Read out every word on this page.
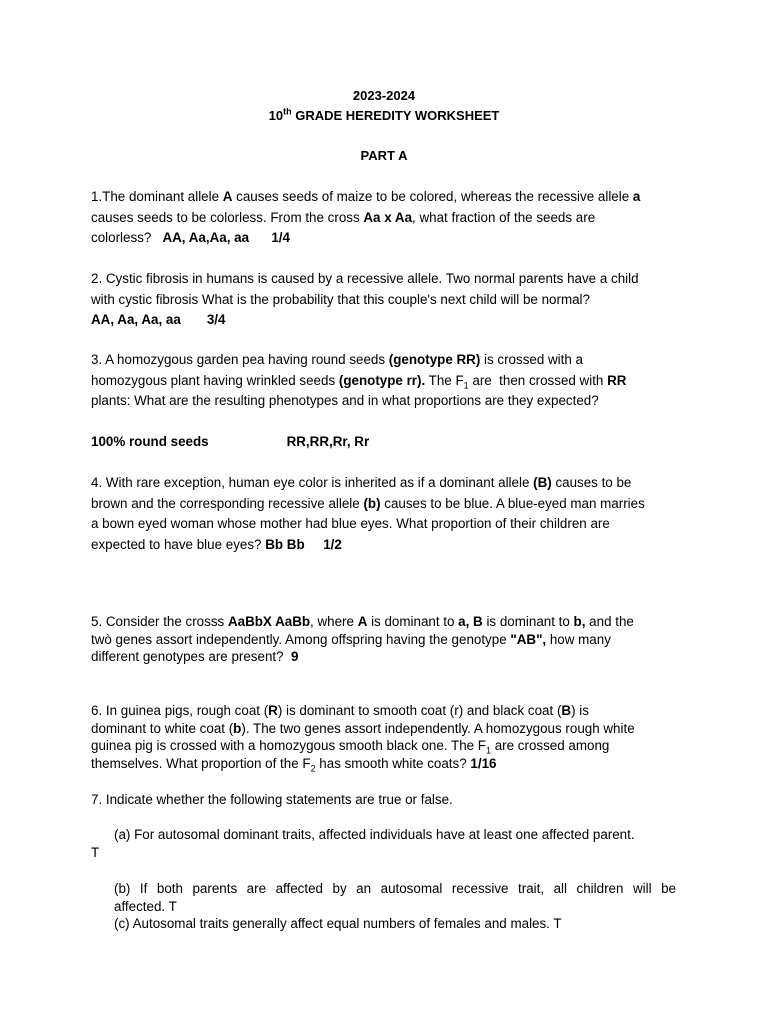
2023-2024
10th GRADE HEREDITY WORKSHEET
PART A
1.The dominant allele A causes seeds of maize to be colored, whereas the recessive allele a
causes seeds to be colorless. From the cross Aa x Aa, what fraction of the seeds are
colorless?   AA, Aa,Aa, aa      1/4
2. Cystic fibrosis in humans is caused by a recessive allele. Two normal parents have a child
with cystic fibrosis What is the probability that this couple's next child will be normal?
AA, Aa, Aa, aa       3/4
3. A homozygous garden pea having round seeds (genotype RR) is crossed with a
homozygous plant having wrinkled seeds (genotype rr). The $F_1$ are  then crossed with RR
plants: What are the resulting phenotypes and in what proportions are they expected?
100% round seeds	RR,RR,Rr, Rr
4. With rare exception, human eye color is inherited as if a dominant allele (B) causes to be
brown and the corresponding recessive allele (b) causes to be blue. A blue-eyed man marries
a bown eyed woman whose mother had blue eyes. What proportion of their children are
expected to have blue eyes? Bb Bb     1/2
5. Consider the crosss AaBbX AaBb, where A is dominant to a, B is dominant to b, and the
twò genes assort independently. Among offspring having the genotype "AB", how many
different genotypes are present?  9
6. In guinea pigs, rough coat (R) is dominant to smooth coat (r) and black coat (B) is
dominant to white coat (b). The two genes assort independently. A homozygous rough white
guinea pig is crossed with a homozygous smooth black one. The $F_1$ are crossed among
themselves. What proportion of the $F_2$ has smooth white coats? 1/16
7. Indicate whether the following statements are true or false.
(a) For autosomal dominant traits, affected individuals have at least one affected parent.
T
(b) If both parents are affected by an autosomal recessive trait, all children will be
affected. T
(c) Autosomal traits generally affect equal numbers of females and males. T
